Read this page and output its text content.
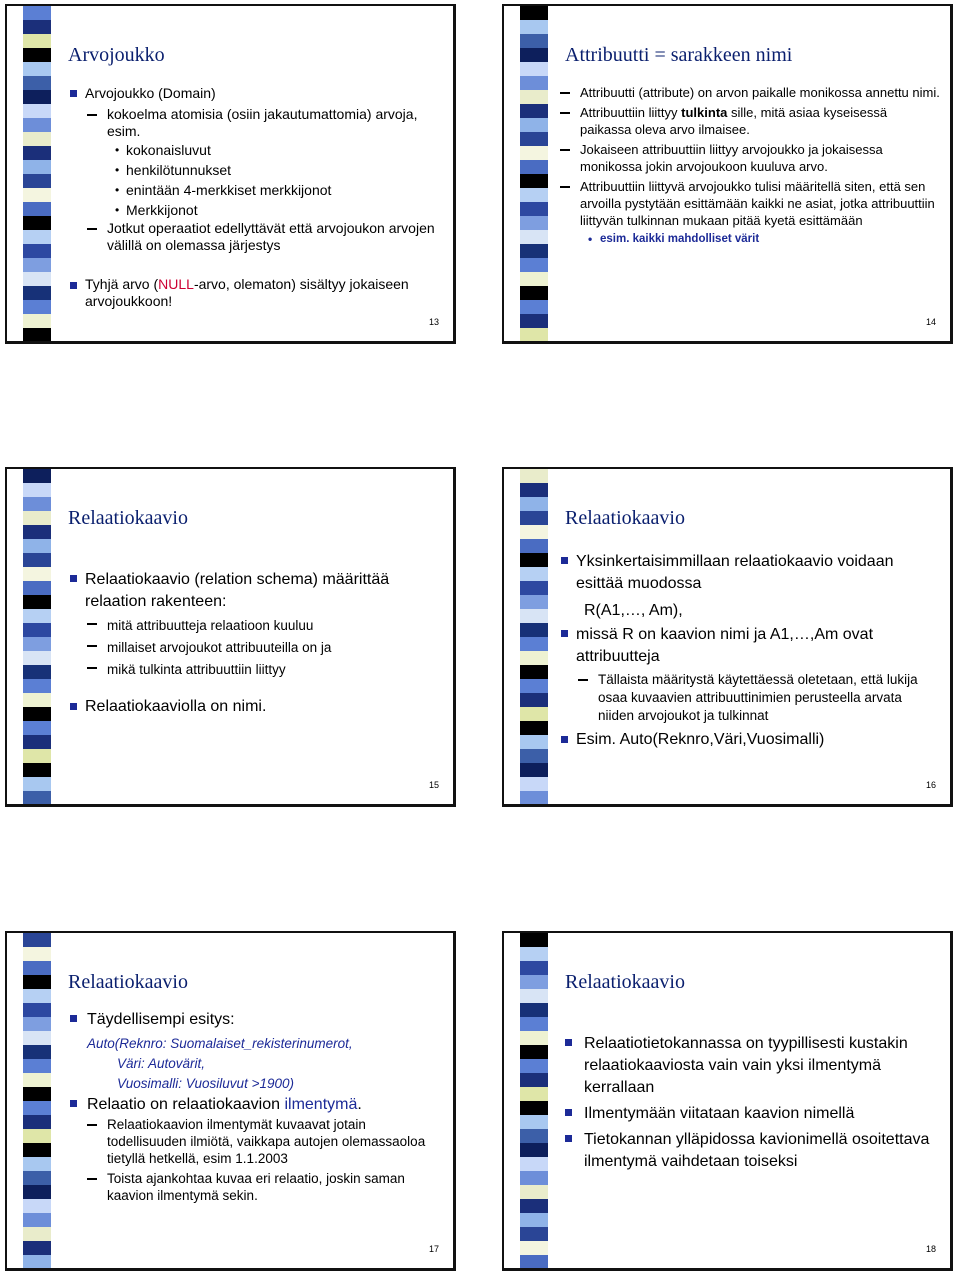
Arvojoukko
Arvojoukko (Domain)
kokoelma atomisia (osiin jakautumattomia) arvoja, esim.
• kokonaisluvut
• henkilötunnukset
• enintään 4-merkkiset merkkijonot
• Merkkijonot
Jotkut operaatiot edellyttävät että arvojoukon arvojen välillä on olemassa järjestys
Tyhjä arvo (NULL-arvo, olematon) sisältyy jokaiseen arvojoukkoon!
13
Attribuutti = sarakkeen nimi
Attribuutti (attribute) on arvon paikalle monikossa annettu nimi.
Attribuuttiin liittyy tulkinta sille, mitä asiaa kyseisessä paikassa oleva arvo ilmaisee.
Jokaiseen attribuuttiin liittyy arvojoukko ja jokaisessa monikossa jokin arvojoukoon kuuluva arvo.
Attribuuttiin liittyvä arvojoukko tulisi määritellä siten, että sen arvoilla pystytään esittämään kaikki ne asiat, jotka attribuuttiin liittyvän tulkinnan mukaan pitää kyetä esittämään
• esim. kaikki mahdolliset värit
14
Relaatiokaavio
Relaatiokaavio (relation schema) määrittää relaation rakenteen:
mitä attribuutteja relaatioon kuuluu
millaiset arvojoukot attribuuteilla on ja
mikä tulkinta attribuuttiin liittyy
Relaatiokaaviolla on nimi.
15
Relaatiokaavio
Yksinkertaisimmillaan relaatiokaavio voidaan esittää muodossa
R(A1,…, Am),
missä R on kaavion nimi ja A1,…,Am ovat attribuutteja
Tällaista määritystä käytettäessä oletetaan, että lukija osaa kuvaavien attribuuttinimien perusteella arvata niiden arvojoukot ja tulkinnat
Esim. Auto(Reknro,Väri,Vuosimalli)
16
Relaatiokaavio
Täydellisempi esitys:
Auto(Reknro: Suomalaiset_rekisterinumerot,
Väri: Autovärit,
Vuosimalli: Vuosiluvut >1900)
Relaatio on relaatiokaavion ilmentymä.
Relaatiokaavion ilmentymät kuvaavat jotain todellisuuden ilmiötä, vaikkapa autojen olemassaoloa tietyllä hetkellä, esim 1.1.2003
Toista ajankohtaa kuvaa eri relaatio, joskin saman kaavion ilmentymä sekin.
17
Relaatiokaavio
Relaatiotietokannassa on tyypillisesti kustakin relaatiokaaviosta vain vain yksi ilmentymä kerrallaan
Ilmentymään viitataan kaavion nimellä
Tietokannan ylläpidossa kavionimellä osoitettava ilmentymä vaihdetaan toiseksi
18
